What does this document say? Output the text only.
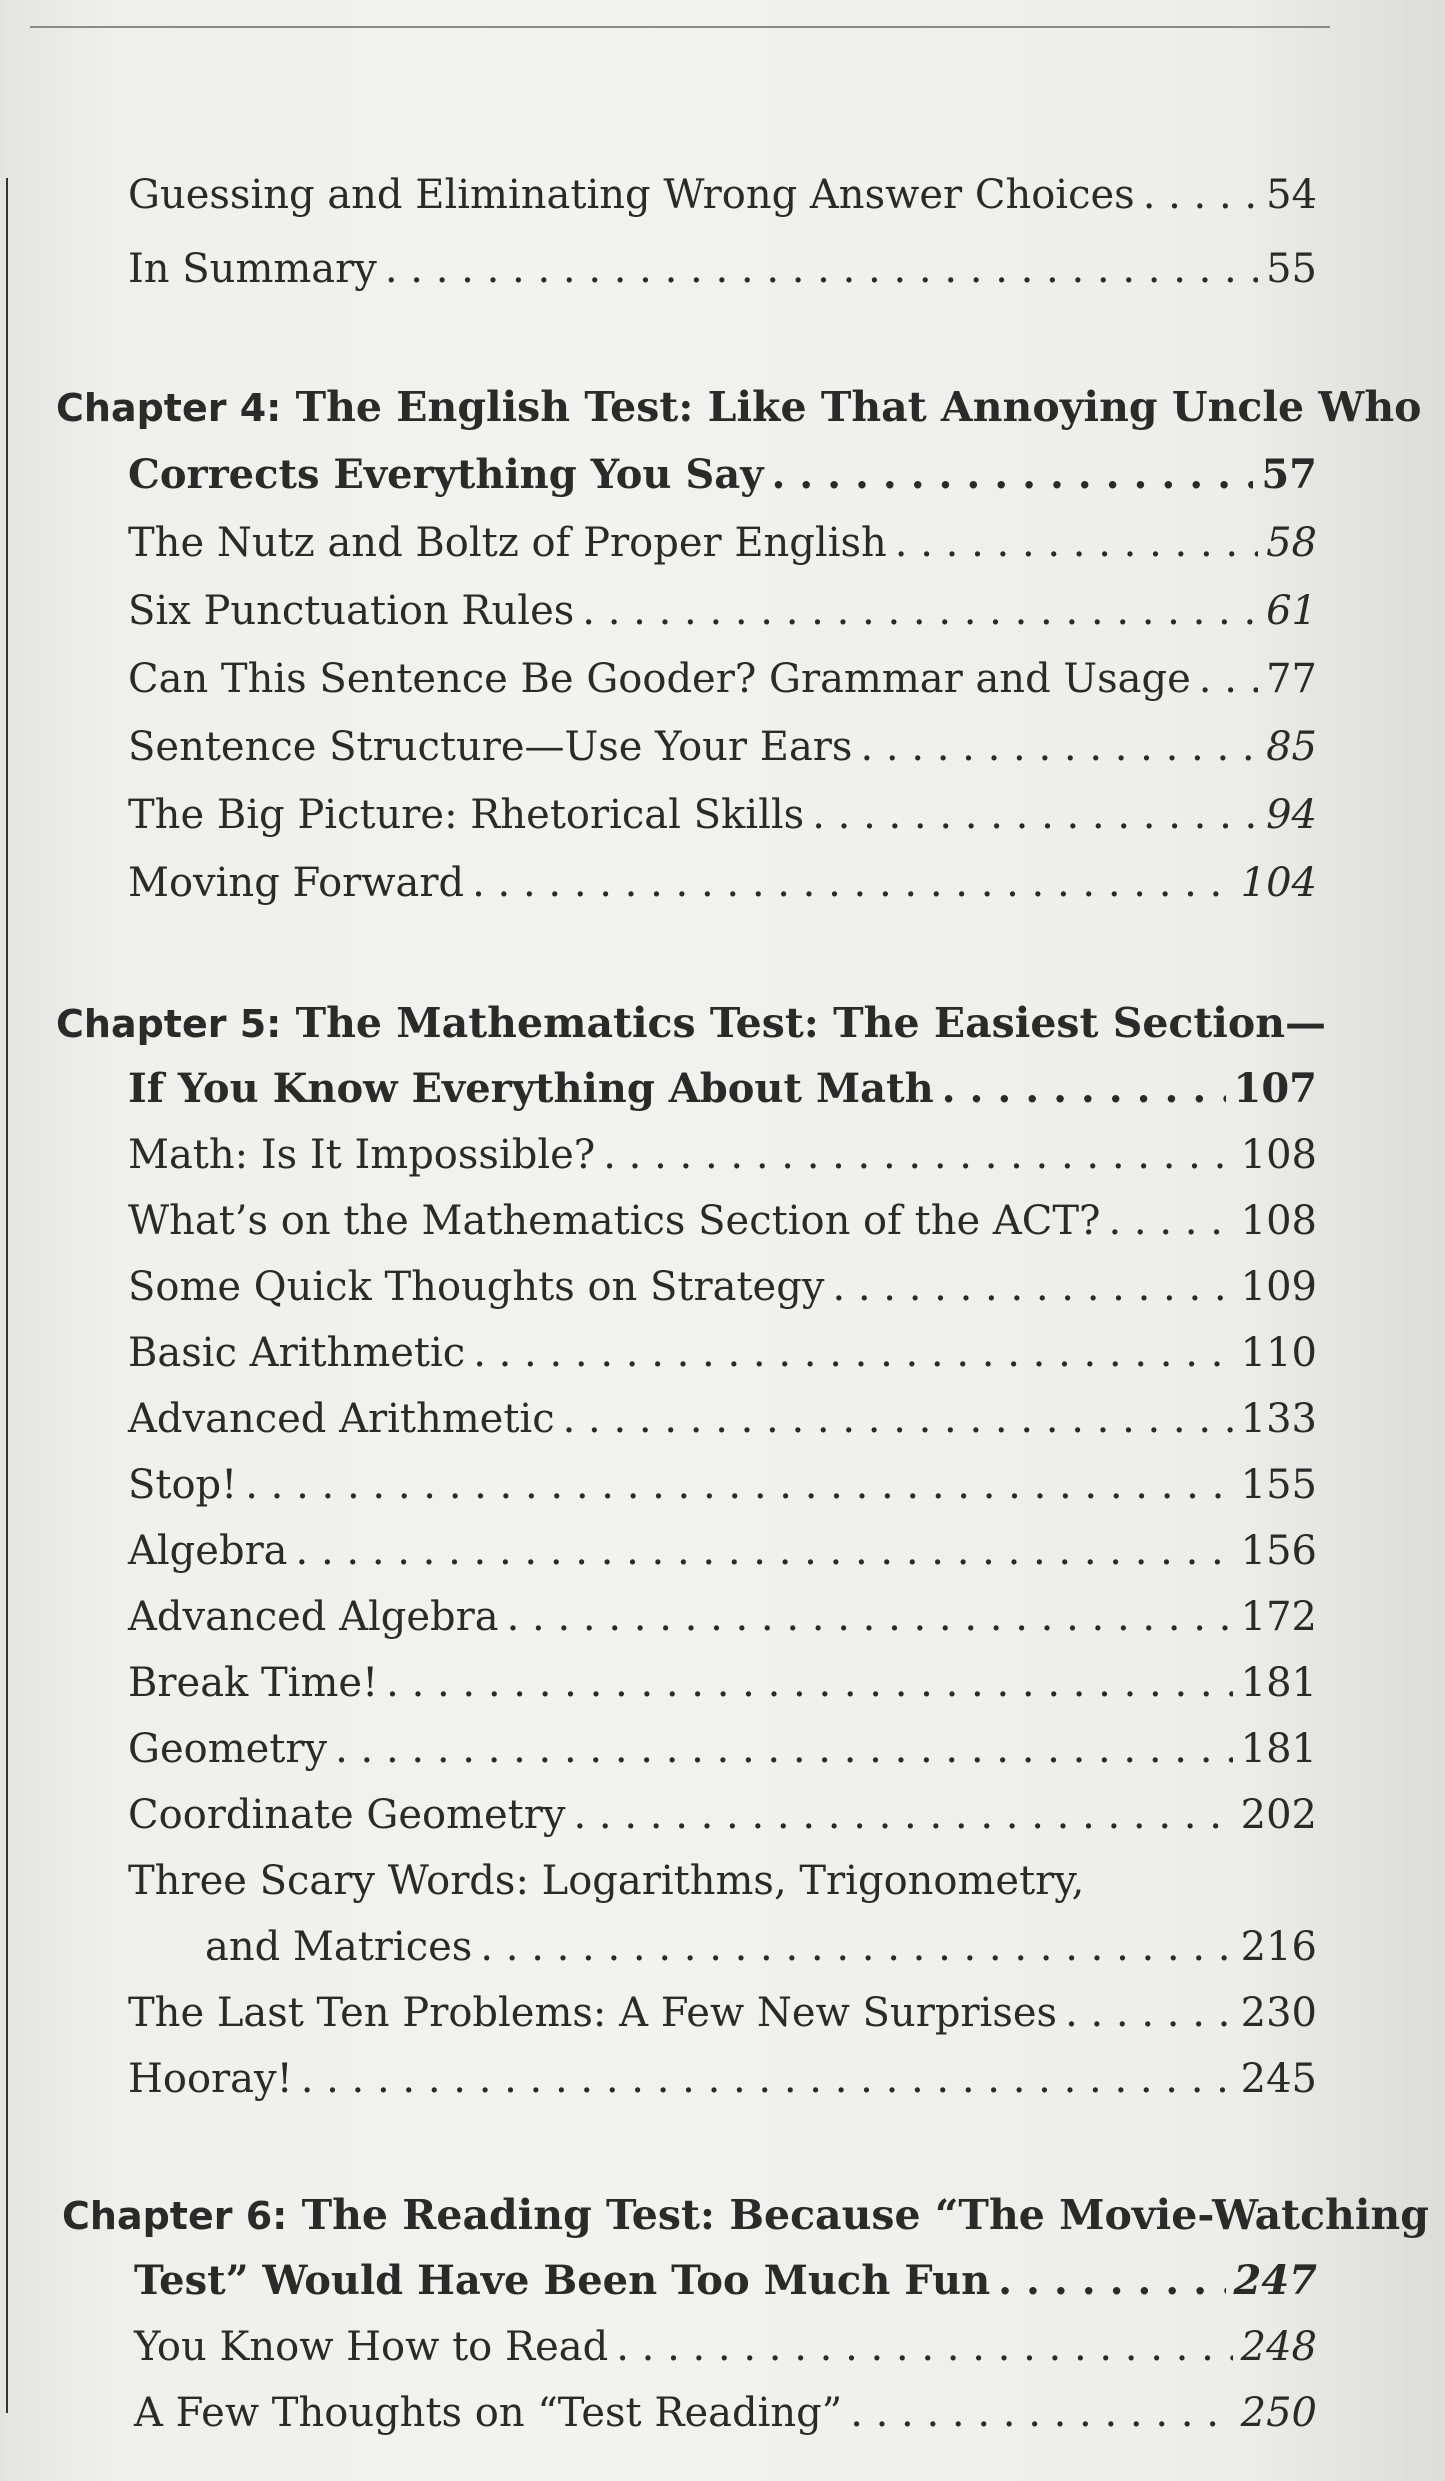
Guessing and Eliminating Wrong Answer Choices . . .	54
In Summary . . .	55
Chapter 4: The English Test: Like That Annoying Uncle Who
Corrects Everything You Say . . .	57
The Nutz and Boltz of Proper English . . .	58
Six Punctuation Rules . . .	61
Can This Sentence Be Gooder? Grammar and Usage . . . 77
Sentence Structure—Use Your Ears . . .	85
The Big Picture: Rhetorical Skills . . .	94
Moving Forward . . .	104
Chapter 5: The Mathematics Test: The Easiest Section—
If You Know Everything About Math . . .	107
Math: Is It Impossible? . . .	108
What’s on the Mathematics Section of the ACT? . . .	108
Some Quick Thoughts on Strategy . . .	109
Basic Arithmetic . . .	110
Advanced Arithmetic . . .	133
Stop! . . .	155
Algebra . . .	156
Advanced Algebra . . .	172
Break Time! . . .	181
Geometry . . .	181
Coordinate Geometry . . .	202
Three Scary Words: Logarithms, Trigonometry,
and Matrices . . .	216
The Last Ten Problems: A Few New Surprises . . .	230
Hooray! . . .	245
Chapter 6: The Reading Test: Because “The Movie-Watching
Test” Would Have Been Too Much Fun . . .	247
You Know How to Read . . .	248
A Few Thoughts on “Test Reading” . . .	250
